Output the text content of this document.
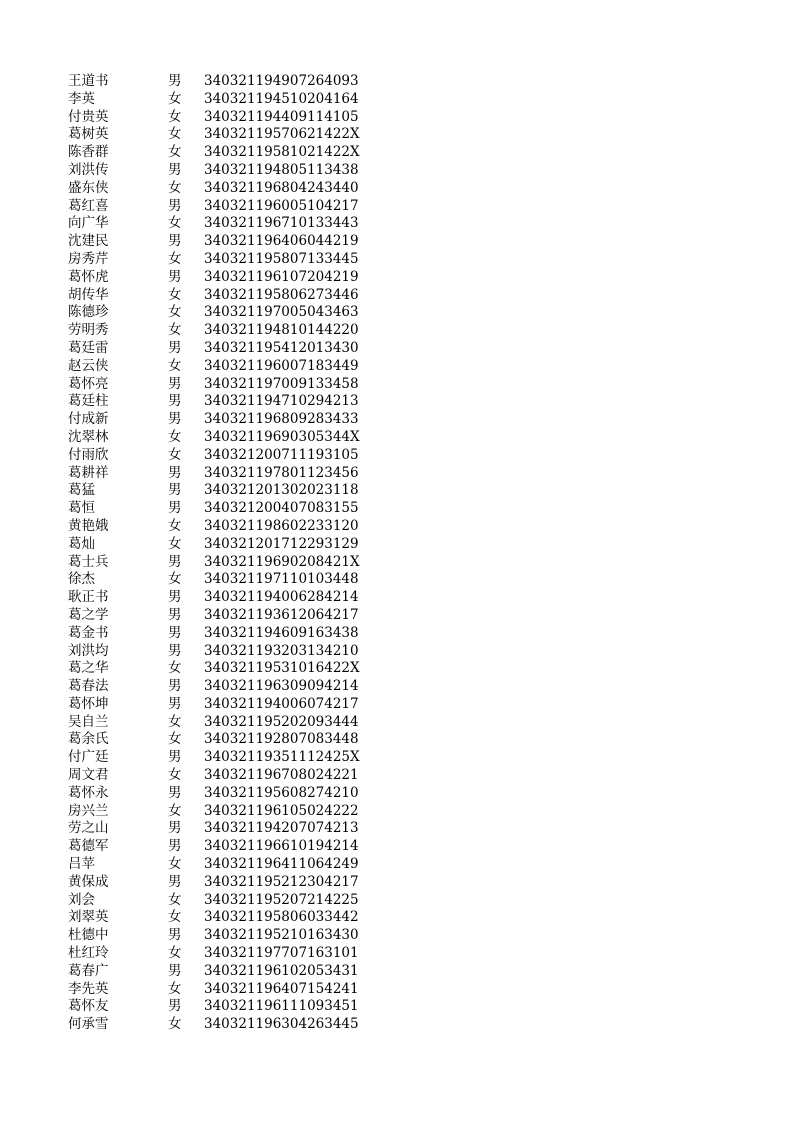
王道书	男	340321194907264093
李英	女	340321194510204164
付贵英	女	340321194409114105
葛树英	女	34032119570621422X
陈香群	女	34032119581021422X
刘洪传	男	340321194805113438
盛东侠	女	340321196804243440
葛红喜	男	340321196005104217
向广华	女	340321196710133443
沈建民	男	340321196406044219
房秀芹	女	340321195807133445
葛怀虎	男	340321196107204219
胡传华	女	340321195806273446
陈德珍	女	340321197005043463
劳明秀	女	340321194810144220
葛廷雷	男	340321195412013430
赵云侠	女	340321196007183449
葛怀亮	男	340321197009133458
葛廷柱	男	340321194710294213
付成新	男	340321196809283433
沈翠林	女	34032119690305344X
付雨欣	女	340321200711193105
葛耕祥	男	340321197801123456
葛猛	男	340321201302023118
葛恒	男	340321200407083155
黄艳娥	女	340321198602233120
葛灿	女	340321201712293129
葛士兵	男	34032119690208421X
徐杰	女	340321197110103448
耿正书	男	340321194006284214
葛之学	男	340321193612064217
葛金书	男	340321194609163438
刘洪均	男	340321193203134210
葛之华	女	34032119531016422X
葛春法	男	340321196309094214
葛怀坤	男	340321194006074217
吴自兰	女	340321195202093444
葛余氏	女	340321192807083448
付广廷	男	34032119351112425X
周文君	女	340321196708024221
葛怀永	男	340321195608274210
房兴兰	女	340321196105024222
劳之山	男	340321194207074213
葛德军	男	340321196610194214
吕苹	女	340321196411064249
黄保成	男	340321195212304217
刘会	女	340321195207214225
刘翠英	女	340321195806033442
杜德中	男	340321195210163430
杜红玲	女	340321197707163101
葛春广	男	340321196102053431
李先英	女	340321196407154241
葛怀友	男	340321196111093451
何承雪	女	340321196304263445
